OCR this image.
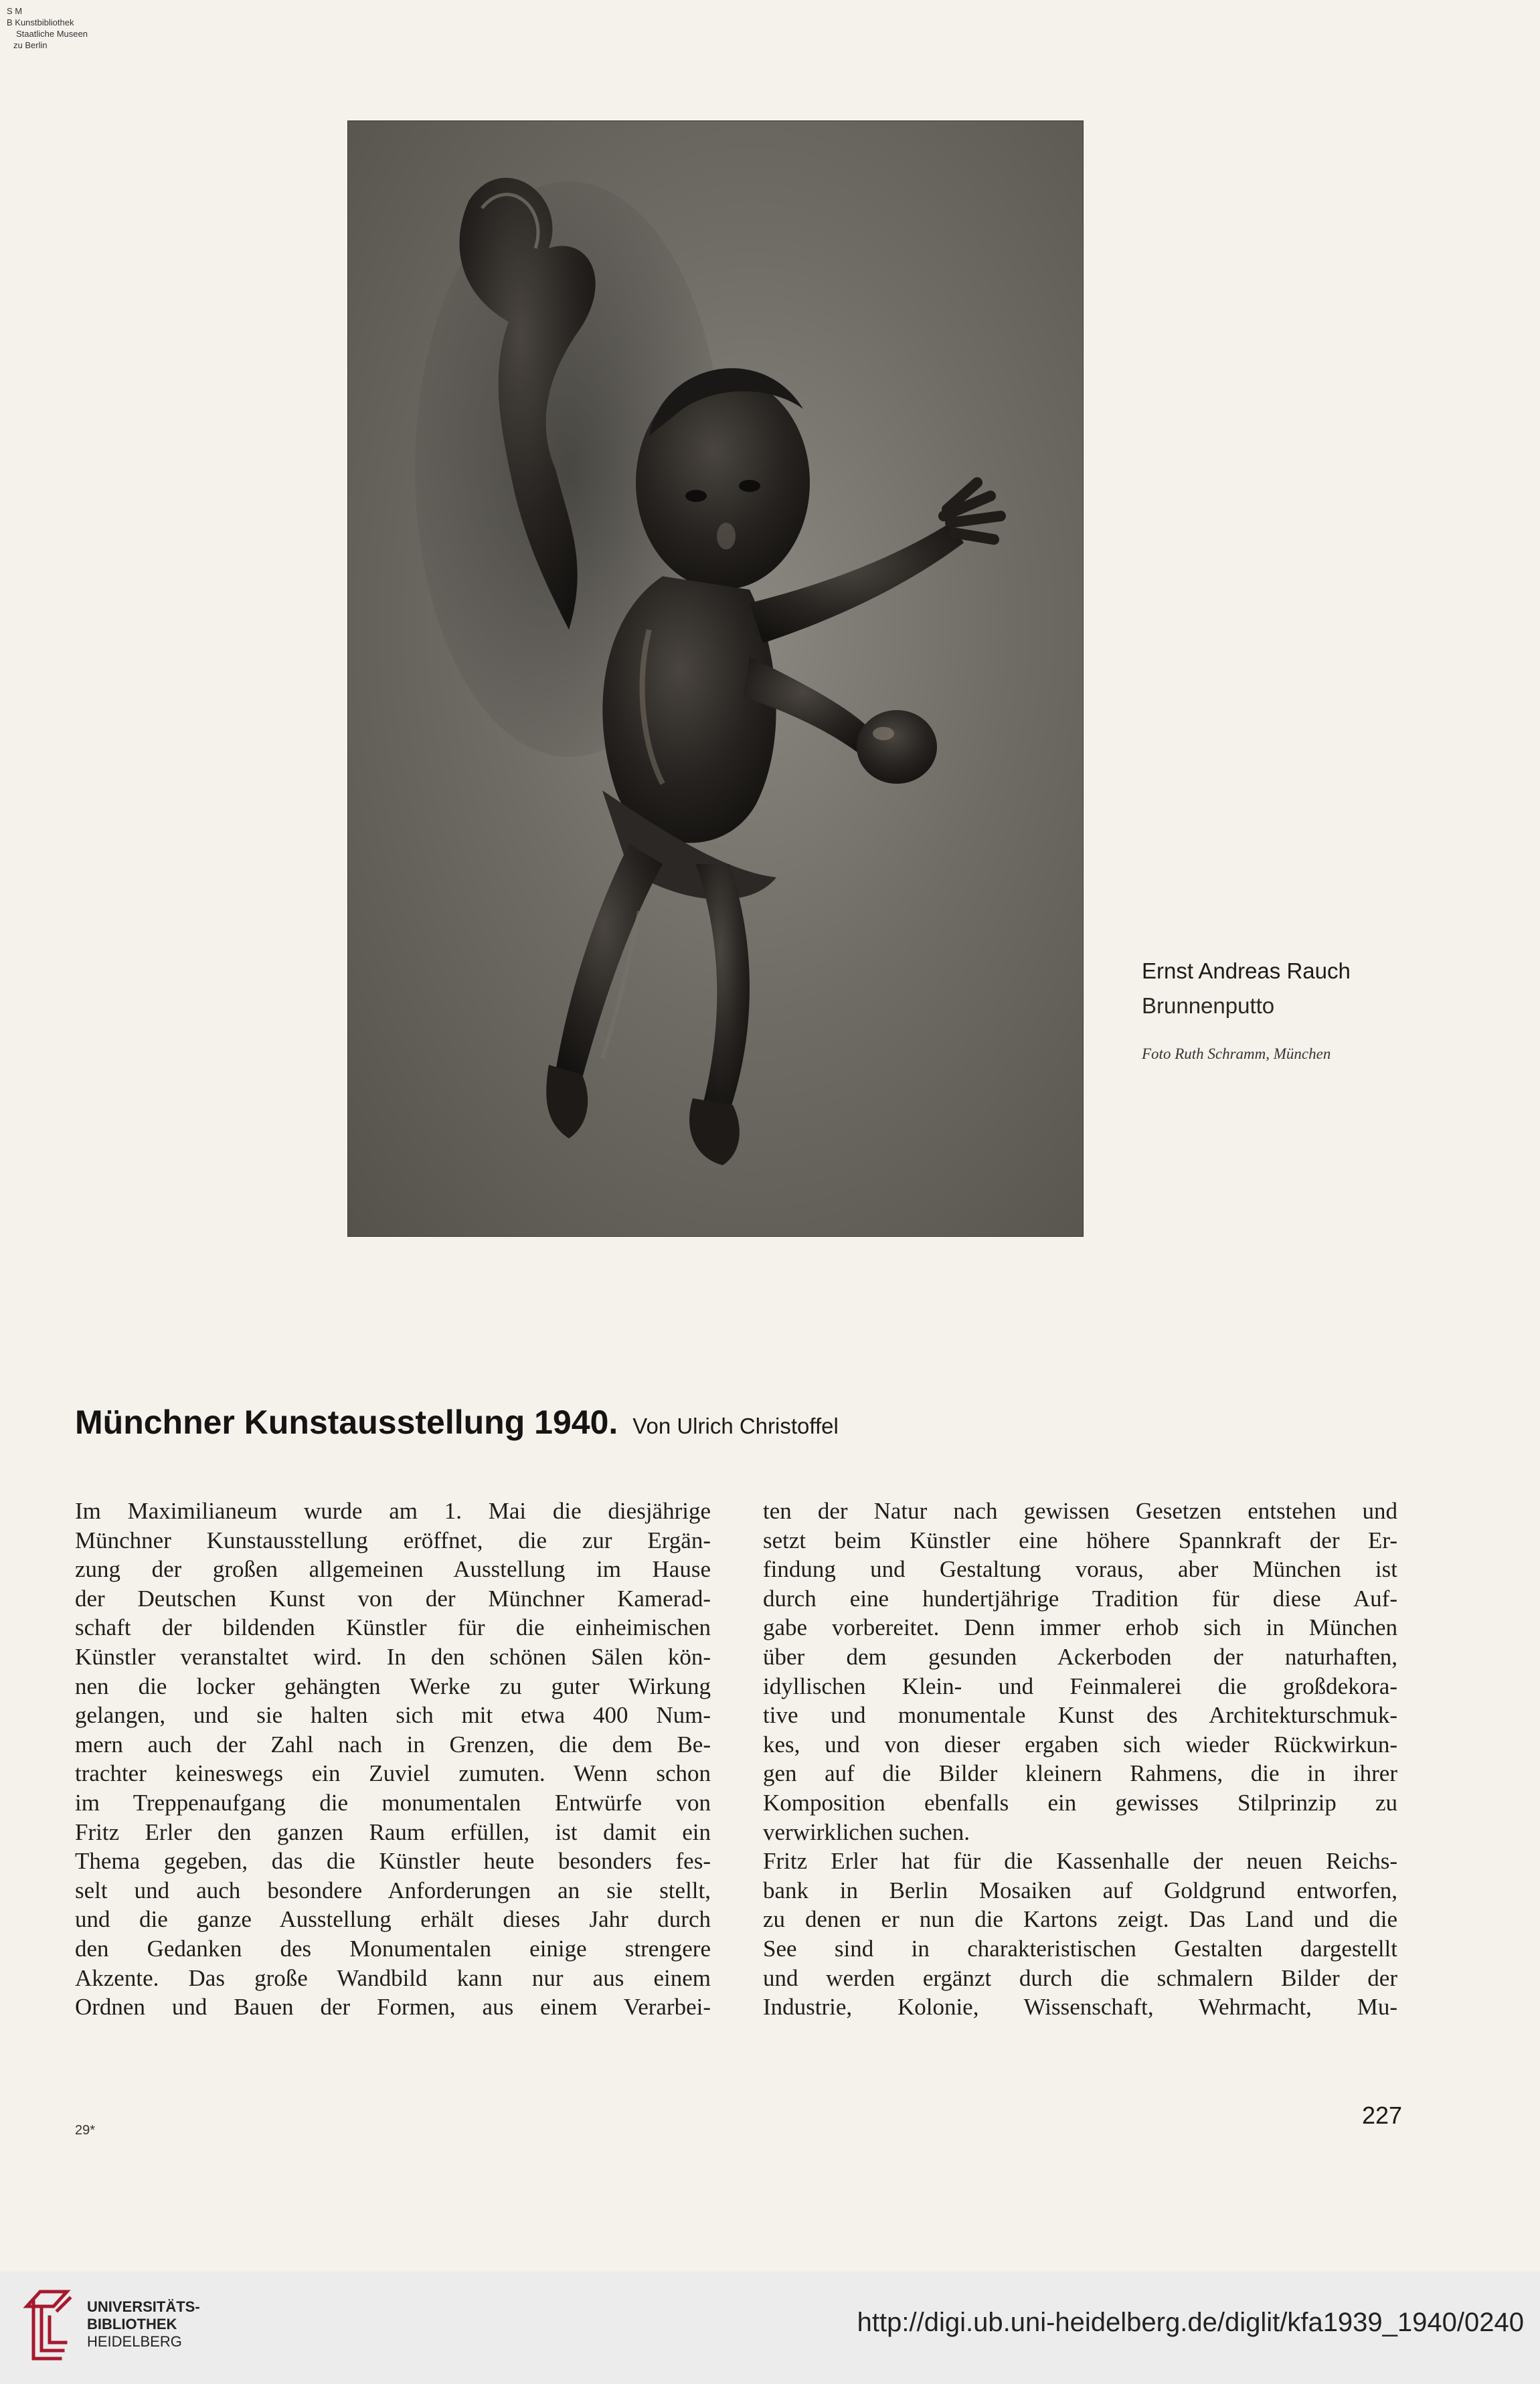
S M
B Kunstbibliothek
Staatliche Museen
zu Berlin
Ernst Andreas Rauch
Brunnenputto
Foto Ruth Schramm, München
Münchner Kunstausstellung 1940. Von Ulrich Christoffel
Im Maximilianeum wurde am 1. Mai die diesjährige
Münchner Kunstausstellung eröffnet, die zur Ergän-
zung der großen allgemeinen Ausstellung im Hause
der Deutschen Kunst von der Münchner Kamerad-
schaft der bildenden Künstler für die einheimischen
Künstler veranstaltet wird. In den schönen Sälen kön-
nen die locker gehängten Werke zu guter Wirkung
gelangen, und sie halten sich mit etwa 400 Num-
mern auch der Zahl nach in Grenzen, die dem Be-
trachter keineswegs ein Zuviel zumuten. Wenn schon
im Treppenaufgang die monumentalen Entwürfe von
Fritz Erler den ganzen Raum erfüllen, ist damit ein
Thema gegeben, das die Künstler heute besonders fes-
selt und auch besondere Anforderungen an sie stellt,
und die ganze Ausstellung erhält dieses Jahr durch
den Gedanken des Monumentalen einige strengere
Akzente. Das große Wandbild kann nur aus einem
Ordnen und Bauen der Formen, aus einem Verarbei-
ten der Natur nach gewissen Gesetzen entstehen und
setzt beim Künstler eine höhere Spannkraft der Er-
findung und Gestaltung voraus, aber München ist
durch eine hundertjährige Tradition für diese Auf-
gabe vorbereitet. Denn immer erhob sich in München
über dem gesunden Ackerboden der naturhaften,
idyllischen Klein- und Feinmalerei die großdekora-
tive und monumentale Kunst des Architekturschmuk-
kes, und von dieser ergaben sich wieder Rückwirkun-
gen auf die Bilder kleinern Rahmens, die in ihrer
Komposition ebenfalls ein gewisses Stilprinzip zu
verwirklichen suchen.
Fritz Erler hat für die Kassenhalle der neuen Reichs-
bank in Berlin Mosaiken auf Goldgrund entworfen,
zu denen er nun die Kartons zeigt. Das Land und die
See sind in charakteristischen Gestalten dargestellt
und werden ergänzt durch die schmalern Bilder der
Industrie, Kolonie, Wissenschaft, Wehrmacht, Mu-
29*
227
UNIVERSITÄTS-
BIBLIOTHEK
HEIDELBERG
http://digi.ub.uni-heidelberg.de/diglit/kfa1939_1940/0240
